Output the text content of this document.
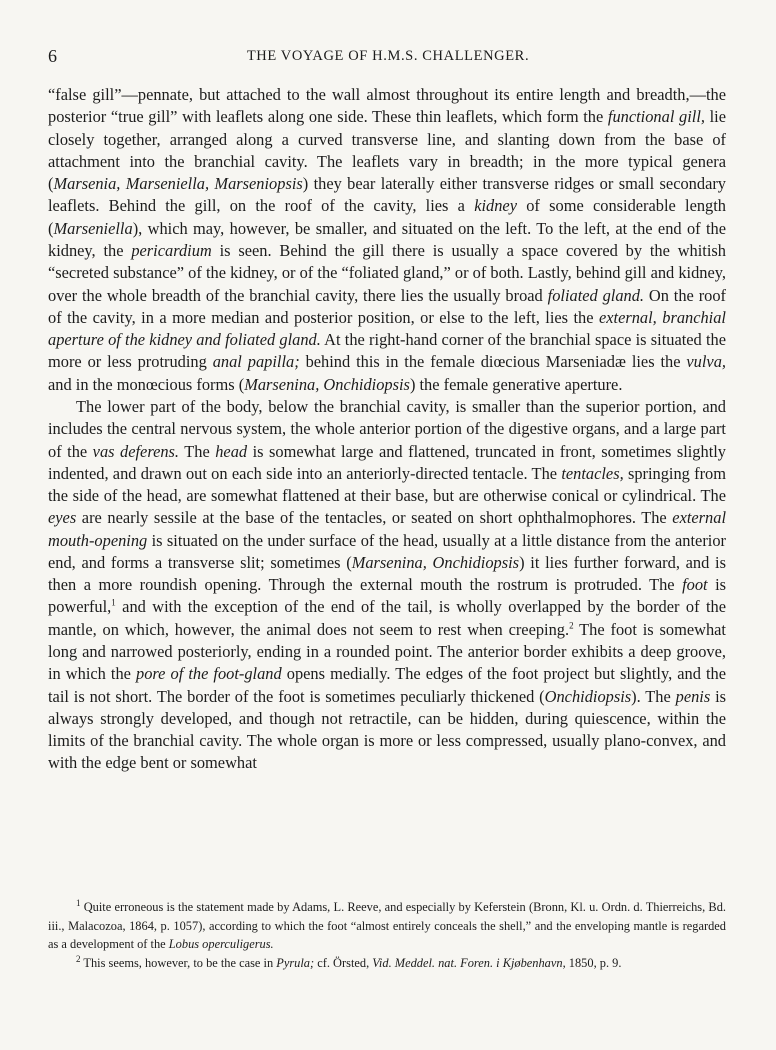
6	THE VOYAGE OF H.M.S. CHALLENGER.

“false gill”—pennate, but attached to the wall almost throughout its entire length and breadth,—the posterior “true gill” with leaflets along one side. These thin leaflets, which form the functional gill, lie closely together, arranged along a curved transverse line, and slanting down from the base of attachment into the branchial cavity. The leaflets vary in breadth; in the more typical genera (Marsenia, Marseniella, Marseniopsis) they bear laterally either transverse ridges or small secondary leaflets. Behind the gill, on the roof of the cavity, lies a kidney of some considerable length (Marseniella), which may, however, be smaller, and situated on the left. To the left, at the end of the kidney, the pericardium is seen. Behind the gill there is usually a space covered by the whitish “secreted substance” of the kidney, or of the “foliated gland,” or of both. Lastly, behind gill and kidney, over the whole breadth of the branchial cavity, there lies the usually broad foliated gland. On the roof of the cavity, in a more median and posterior position, or else to the left, lies the external, branchial aperture of the kidney and foliated gland. At the right-hand corner of the branchial space is situated the more or less protruding anal papilla; behind this in the female diœcious Marseniadæ lies the vulva, and in the monœcious forms (Marsenina, Onchidiopsis) the female generative aperture.

The lower part of the body, below the branchial cavity, is smaller than the superior portion, and includes the central nervous system, the whole anterior portion of the digestive organs, and a large part of the vas deferens. The head is somewhat large and flattened, truncated in front, sometimes slightly indented, and drawn out on each side into an anteriorly-directed tentacle. The tentacles, springing from the side of the head, are somewhat flattened at their base, but are otherwise conical or cylindrical. The eyes are nearly sessile at the base of the tentacles, or seated on short ophthalmophores. The external mouth-opening is situated on the under surface of the head, usually at a little distance from the anterior end, and forms a transverse slit; sometimes (Marsenina, Onchidiopsis) it lies further forward, and is then a more roundish opening. Through the external mouth the rostrum is protruded. The foot is powerful,$^1$ and with the exception of the end of the tail, is wholly overlapped by the border of the mantle, on which, however, the animal does not seem to rest when creeping.$^2$ The foot is somewhat long and narrowed posteriorly, ending in a rounded point. The anterior border exhibits a deep groove, in which the pore of the foot-gland opens medially. The edges of the foot project but slightly, and the tail is not short. The border of the foot is sometimes peculiarly thickened (Onchidiopsis). The penis is always strongly developed, and though not retractile, can be hidden, during quiescence, within the limits of the branchial cavity. The whole organ is more or less compressed, usually plano-convex, and with the edge bent or somewhat

$^1$ Quite erroneous is the statement made by Adams, L. Reeve, and especially by Keferstein (Bronn, Kl. u. Ordn. d. Thierreichs, Bd. iii., Malacozoa, 1864, p. 1057), according to which the foot “almost entirely conceals the shell,” and the enveloping mantle is regarded as a development of the Lobus operculigerus.

$^2$ This seems, however, to be the case in Pyrula; cf. Örsted, Vid. Meddel. nat. Foren. i Kjøbenhavn, 1850, p. 9.
